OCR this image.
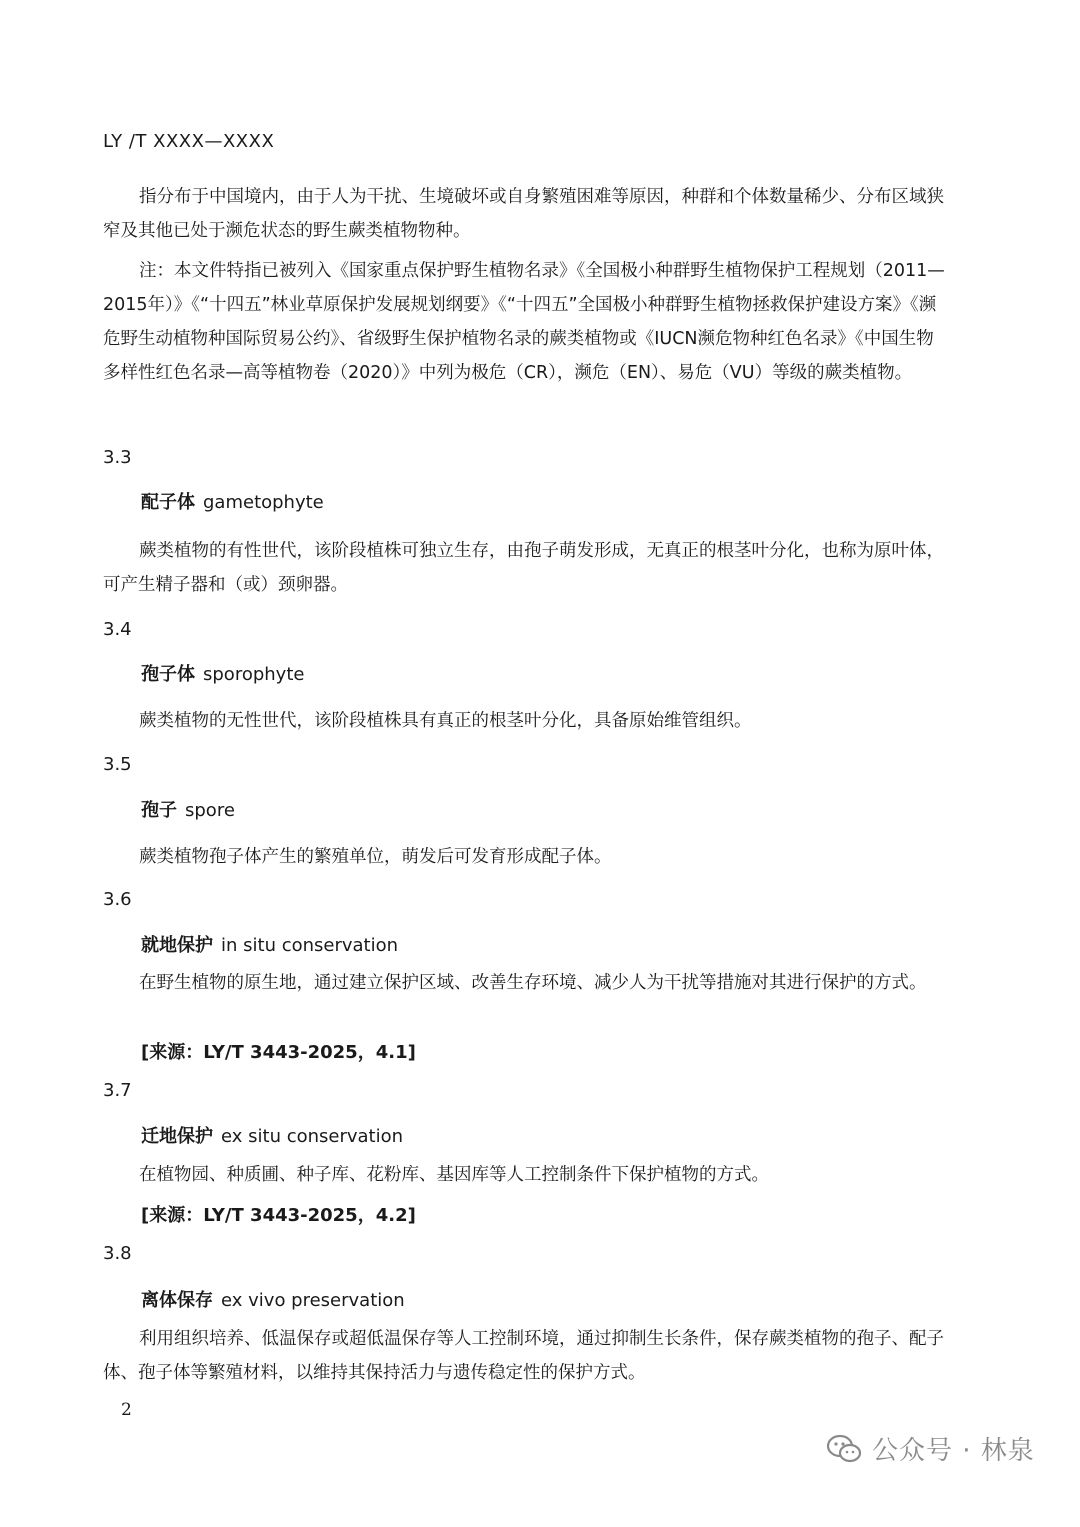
LY /T XXXX—XXXX

指分布于中国境内，由于人为干扰、生境破坏或自身繁殖困难等原因，种群和个体数量稀少、分布区域狭窄及其他已处于濒危状态的野生蕨类植物物种。

注：本文件特指已被列入《国家重点保护野生植物名录》《全国极小种群野生植物保护工程规划（2011—2015年）》《“十四五”林业草原保护发展规划纲要》《“十四五”全国极小种群野生植物拯救保护建设方案》《濒危野生动植物种国际贸易公约》、省级野生保护植物名录的蕨类植物或《IUCN濒危物种红色名录》《中国生物多样性红色名录—高等植物卷（2020）》中列为极危（CR），濒危（EN）、易危（VU）等级的蕨类植物。

3.3
配子体 gametophyte

蕨类植物的有性世代，该阶段植株可独立生存，由孢子萌发形成，无真正的根茎叶分化，也称为原叶体，可产生精子器和（或）颈卵器。

3.4
孢子体 sporophyte

蕨类植物的无性世代，该阶段植株具有真正的根茎叶分化，具备原始维管组织。

3.5
孢子 spore

蕨类植物孢子体产生的繁殖单位，萌发后可发育形成配子体。

3.6
就地保护 in situ conservation

在野生植物的原生地，通过建立保护区域、改善生存环境、减少人为干扰等措施对其进行保护的方式。

[来源：LY/T 3443-2025，4.1]
3.7
迁地保护 ex situ conservation

在植物园、种质圃、种子库、花粉库、基因库等人工控制条件下保护植物的方式。

[来源：LY/T 3443-2025，4.2]
3.8
离体保存 ex vivo preservation

利用组织培养、低温保存或超低温保存等人工控制环境，通过抑制生长条件，保存蕨类植物的孢子、配子体、孢子体等繁殖材料，以维持其保持活力与遗传稳定性的保护方式。

2
公众号 · 林泉
